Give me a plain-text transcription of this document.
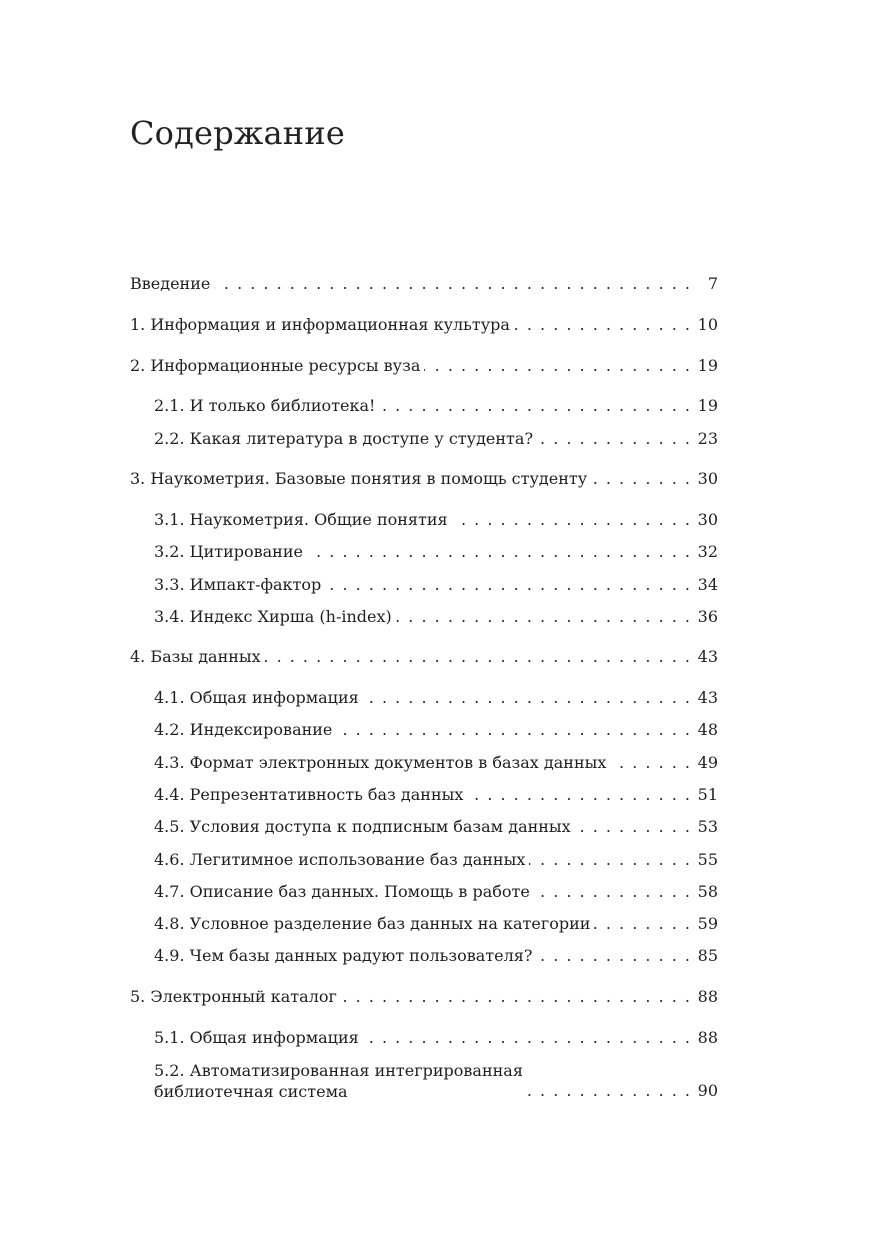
Содержание
Введение . . .	7
1. Информация и информационная культура . . .	10
2. Информационные ресурсы вуза . . .	19
2.1. И только библиотека! . . .	19
2.2. Какая литература в доступе у студента? . . .	23
3. Наукометрия. Базовые понятия в помощь студенту . . .	30
3.1. Наукометрия. Общие понятия . . .	30
3.2. Цитирование . . .	32
3.3. Импакт-фактор . . .	34
3.4. Индекс Хирша (h-index) . . .	36
4. Базы данных . . .	43
4.1. Общая информация . . .	43
4.2. Индексирование . . .	48
4.3. Формат электронных документов в базах данных . . .	49
4.4. Репрезентативность баз данных . . .	51
4.5. Условия доступа к подписным базам данных . . .	53
4.6. Легитимное использование баз данных . . .	55
4.7. Описание баз данных. Помощь в работе . . .	58
4.8. Условное разделение баз данных на категории . . .	59
4.9. Чем базы данных радуют пользователя? . . .	85
5. Электронный каталог . . .	88
5.1. Общая информация . . .	88
5.2. Автоматизированная интегрированная
библиотечная система . . .	90
